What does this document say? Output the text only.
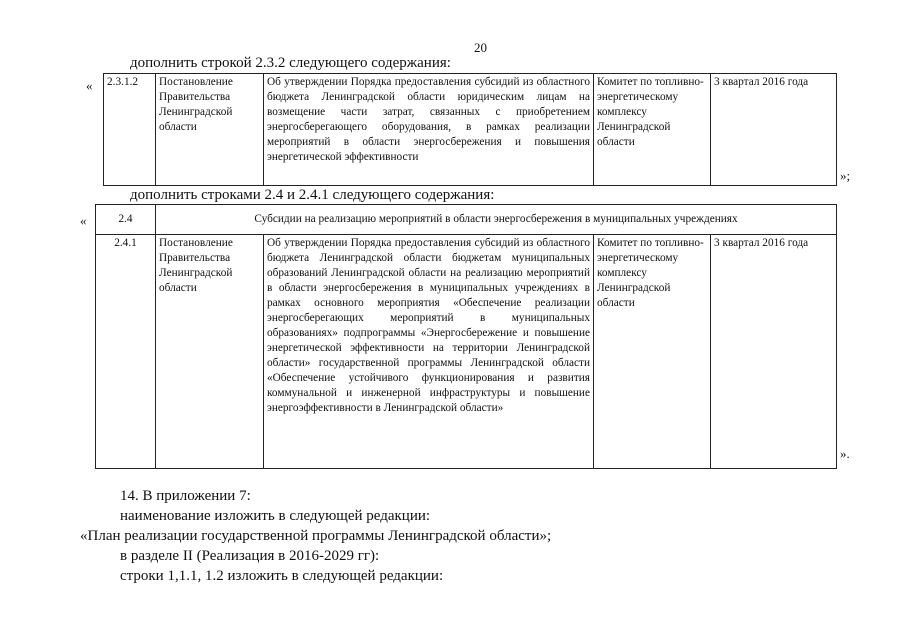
20
дополнить строкой 2.3.2 следующего содержания:
« 2.3.1.2	Постановление Правительства Ленинградской области	Об утверждении Порядка предоставления субсидий из областного бюджета Ленинградской области юридическим лицам на возмещение части затрат, связанных с приобретением энергосберегающего оборудования, в рамках реализации мероприятий в области энергосбережения и повышения энергетической эффективности	Комитет по топливно-энергетическому комплексу Ленинградской области	3 квартал 2016 года
»;
дополнить строками 2.4 и 2.4.1 следующего содержания:
«	2.4	Субсидии на реализацию мероприятий в области энергосбережения в муниципальных учреждениях			
2.4.1	Постановление Правительства Ленинградской области	Об утверждении Порядка предоставления субсидий из областного бюджета Ленинградской области бюджетам муниципальных образований Ленинградской области на реализацию мероприятий в области энергосбережения в муниципальных учреждениях в рамках основного мероприятия «Обеспечение реализации энергосберегающих мероприятий в муниципальных образованиях» подпрограммы «Энергосбережение и повышение энергетической эффективности на территории Ленинградской области» государственной программы Ленинградской области «Обеспечение устойчивого функционирования и развития коммунальной и инженерной инфраструктуры и повышение энергоэффективности в Ленинградской области»	Комитет по топливно-энергетическому комплексу Ленинградской области	3 квартал 2016 года
».
14. В приложении 7:
наименование изложить в следующей редакции:
«План реализации государственной программы Ленинградской области»;
в разделе II (Реализация в 2016-2029 гг):
строки 1,1.1, 1.2 изложить в следующей редакции:
